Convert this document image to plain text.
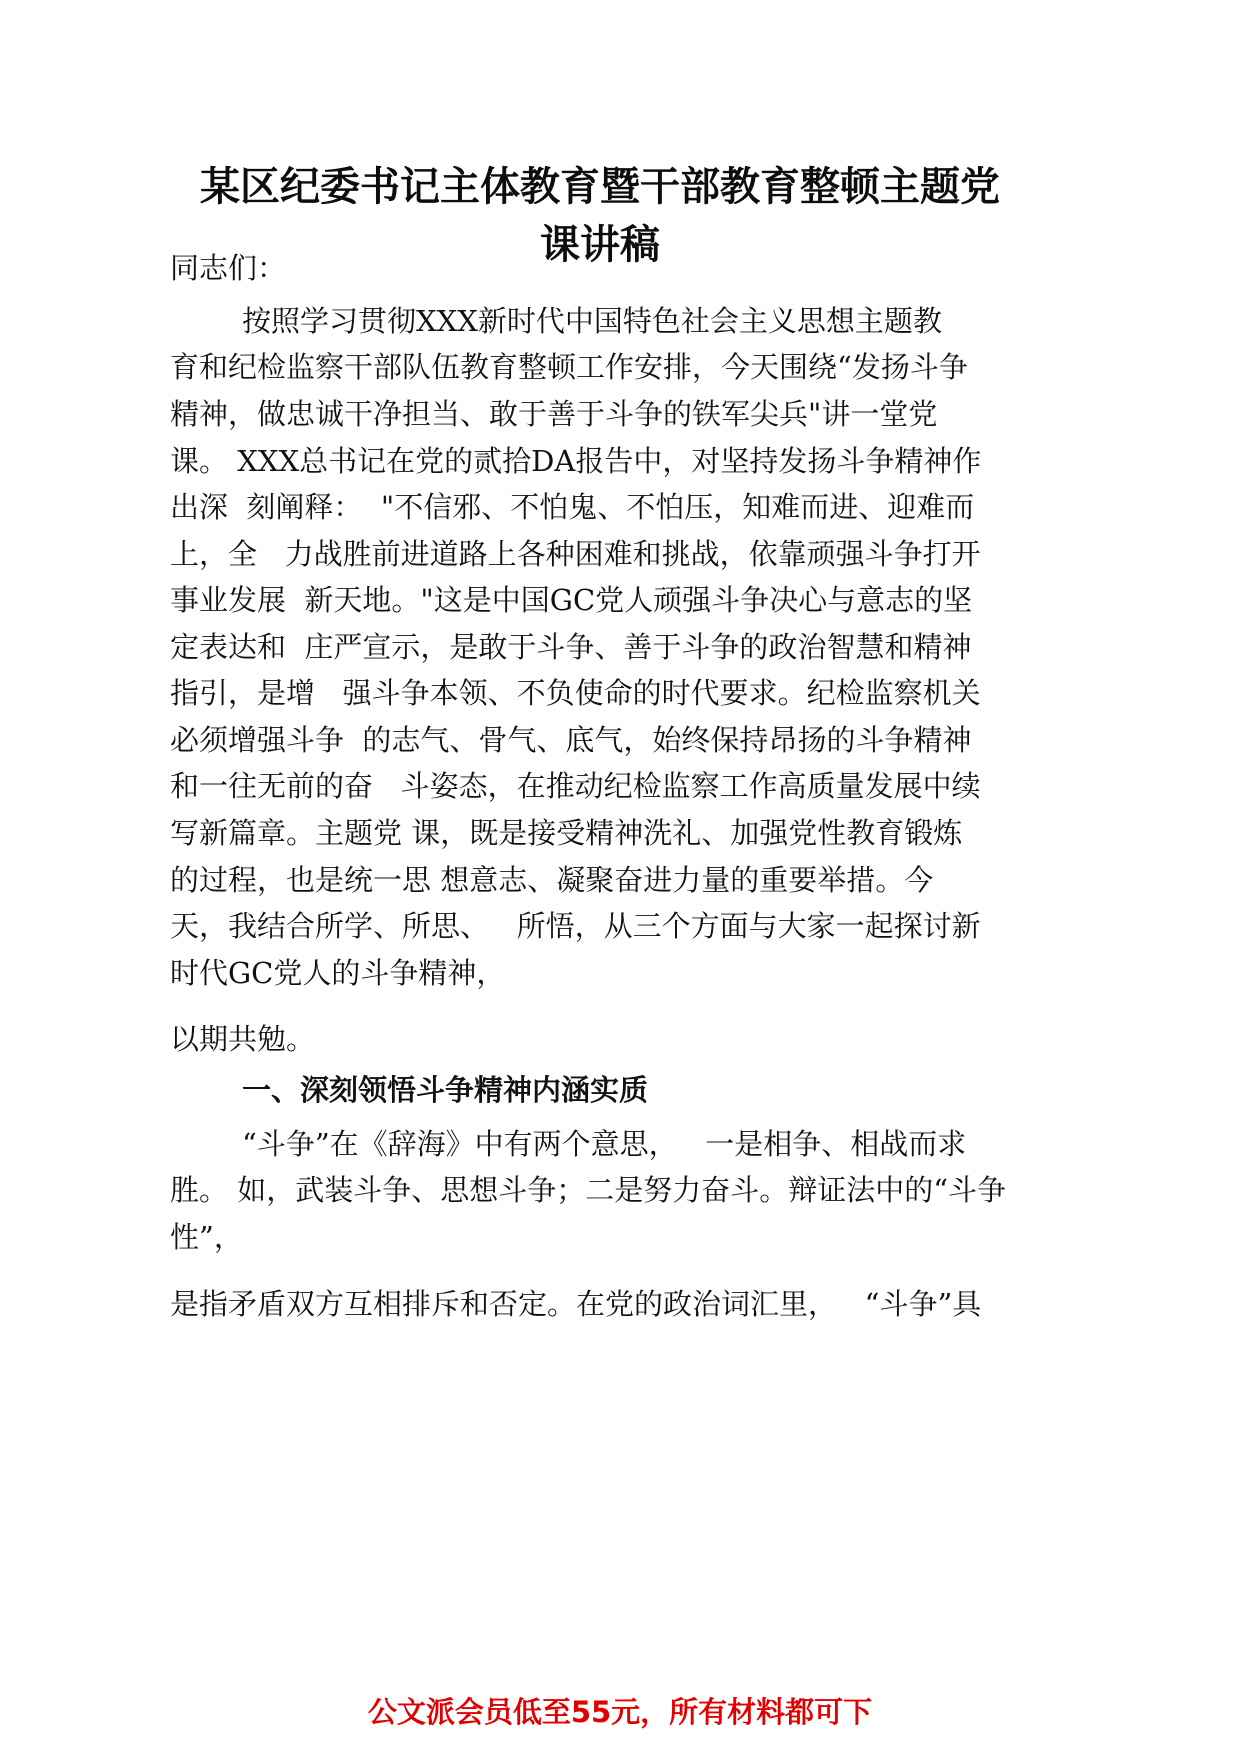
某区纪委书记主体教育暨干部教育整顿主题党
课讲稿

同志们：

按照学习贯彻XXX新时代中国特色社会主义思想主题教

育和纪检监察干部队伍教育整顿工作安排，今天围绕“发扬斗争

精神，做忠诚干净担当、敢于善于斗争的铁军尖兵"讲一堂党

课。 XXX总书记在党的贰拾DA报告中，对坚持发扬斗争精神作

出深  刻阐释：  "不信邪、不怕鬼、不怕压，知难而进、迎难而

上，全   力战胜前进道路上各种困难和挑战，依靠顽强斗争打开

事业发展  新天地。"这是中国GC党人顽强斗争决心与意志的坚

定表达和  庄严宣示，是敢于斗争、善于斗争的政治智慧和精神

指引，是增   强斗争本领、不负使命的时代要求。纪检监察机关

必须增强斗争  的志气、骨气、底气，始终保持昂扬的斗争精神

和一往无前的奋   斗姿态，在推动纪检监察工作高质量发展中续

写新篇章。主题党 课，既是接受精神洗礼、加强党性教育锻炼

的过程，也是统一思 想意志、凝聚奋进力量的重要举措。今

天，我结合所学、所思、   所悟，从三个方面与大家一起探讨新

时代GC党人的斗争精神，

以期共勉。

一、深刻领悟斗争精神内涵实质

“斗争”在《辞海》中有两个意思，   一是相争、相战而求

胜。 如，武装斗争、思想斗争；二是努力奋斗。辩证法中的“斗争

性”，

是指矛盾双方互相排斥和否定。在党的政治词汇里，   “斗争”具

公文派会员低至55元，所有材料都可下
